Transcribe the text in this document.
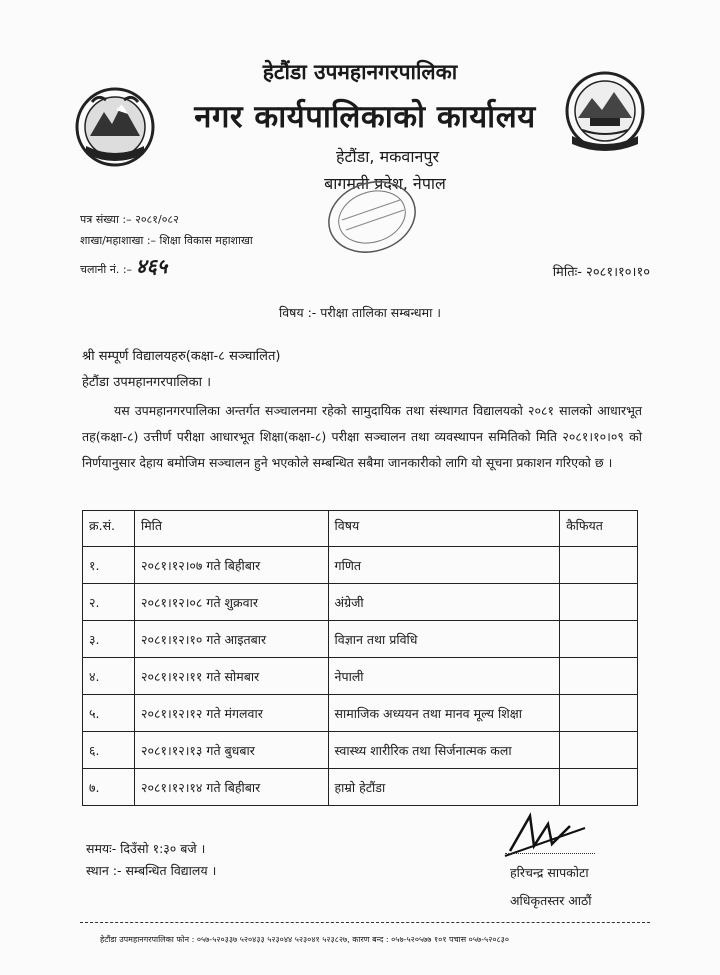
हेटौंडा उपमहानगरपालिका
नगर कार्यपालिकाको कार्यालय
हेटौंडा, मकवानपुर
बागमती प्रदेश, नेपाल
पत्र संख्या :– २०८१/०८२
शाखा/महाशाखा :– शिक्षा विकास महाशाखा
चलानी नं. :– ४६५	मितिः- २०८१।१०।१०
विषय :- परीक्षा तालिका सम्बन्धमा ।
श्री सम्पूर्ण विद्यालयहरु(कक्षा-८ सञ्चालित)
हेटौंडा उपमहानगरपालिका ।
यस उपमहानगरपालिका अन्तर्गत सञ्चालनमा रहेको सामुदायिक तथा संस्थागत विद्यालयको २०८१ सालको आधारभूत तह(कक्षा-८) उत्तीर्ण परीक्षा आधारभूत शिक्षा(कक्षा-८) परीक्षा सञ्चालन तथा व्यवस्थापन समितिको मिति २०८१।१०।०९ को निर्णयानुसार देहाय बमोजिम सञ्चालन हुने भएकोले सम्बन्धित सबैमा जानकारीको लागि यो सूचना प्रकाशन गरिएको छ ।
क्र.सं.	मिति	विषय	कैफियत
१.	२०८१।१२।०७ गते बिहीबार	गणित	
२.	२०८१।१२।०८ गते शुक्रवार	अंग्रेजी	
३.	२०८१।१२।१० गते आइतबार	विज्ञान तथा प्रविधि	
४.	२०८१।१२।११ गते सोमबार	नेपाली	
५.	२०८१।१२।१२ गते मंगलवार	सामाजिक अध्ययन तथा मानव मूल्य शिक्षा	
६.	२०८१।१२।१३ गते बुधबार	स्वास्थ्य शारीरिक तथा सिर्जनात्मक कला	
७.	२०८१।१२।१४ गते बिहीबार	हाम्रो हेटौंडा	
समयः- दिउँसो १:३० बजे ।
स्थान :- सम्बन्धित विद्यालय ।	हरिचन्द्र सापकोटा
अधिकृतस्तर आठौं
हेटौंडा उपमहानगरपालिका फोन : ०५७-५२०३३७ ५२०४३३ ५२३०४४ ५२३०४१ ५२३८२७, कारण बन्द : ०५७-५२०५७७ १०१ पचास ०५७-५२०८३०
